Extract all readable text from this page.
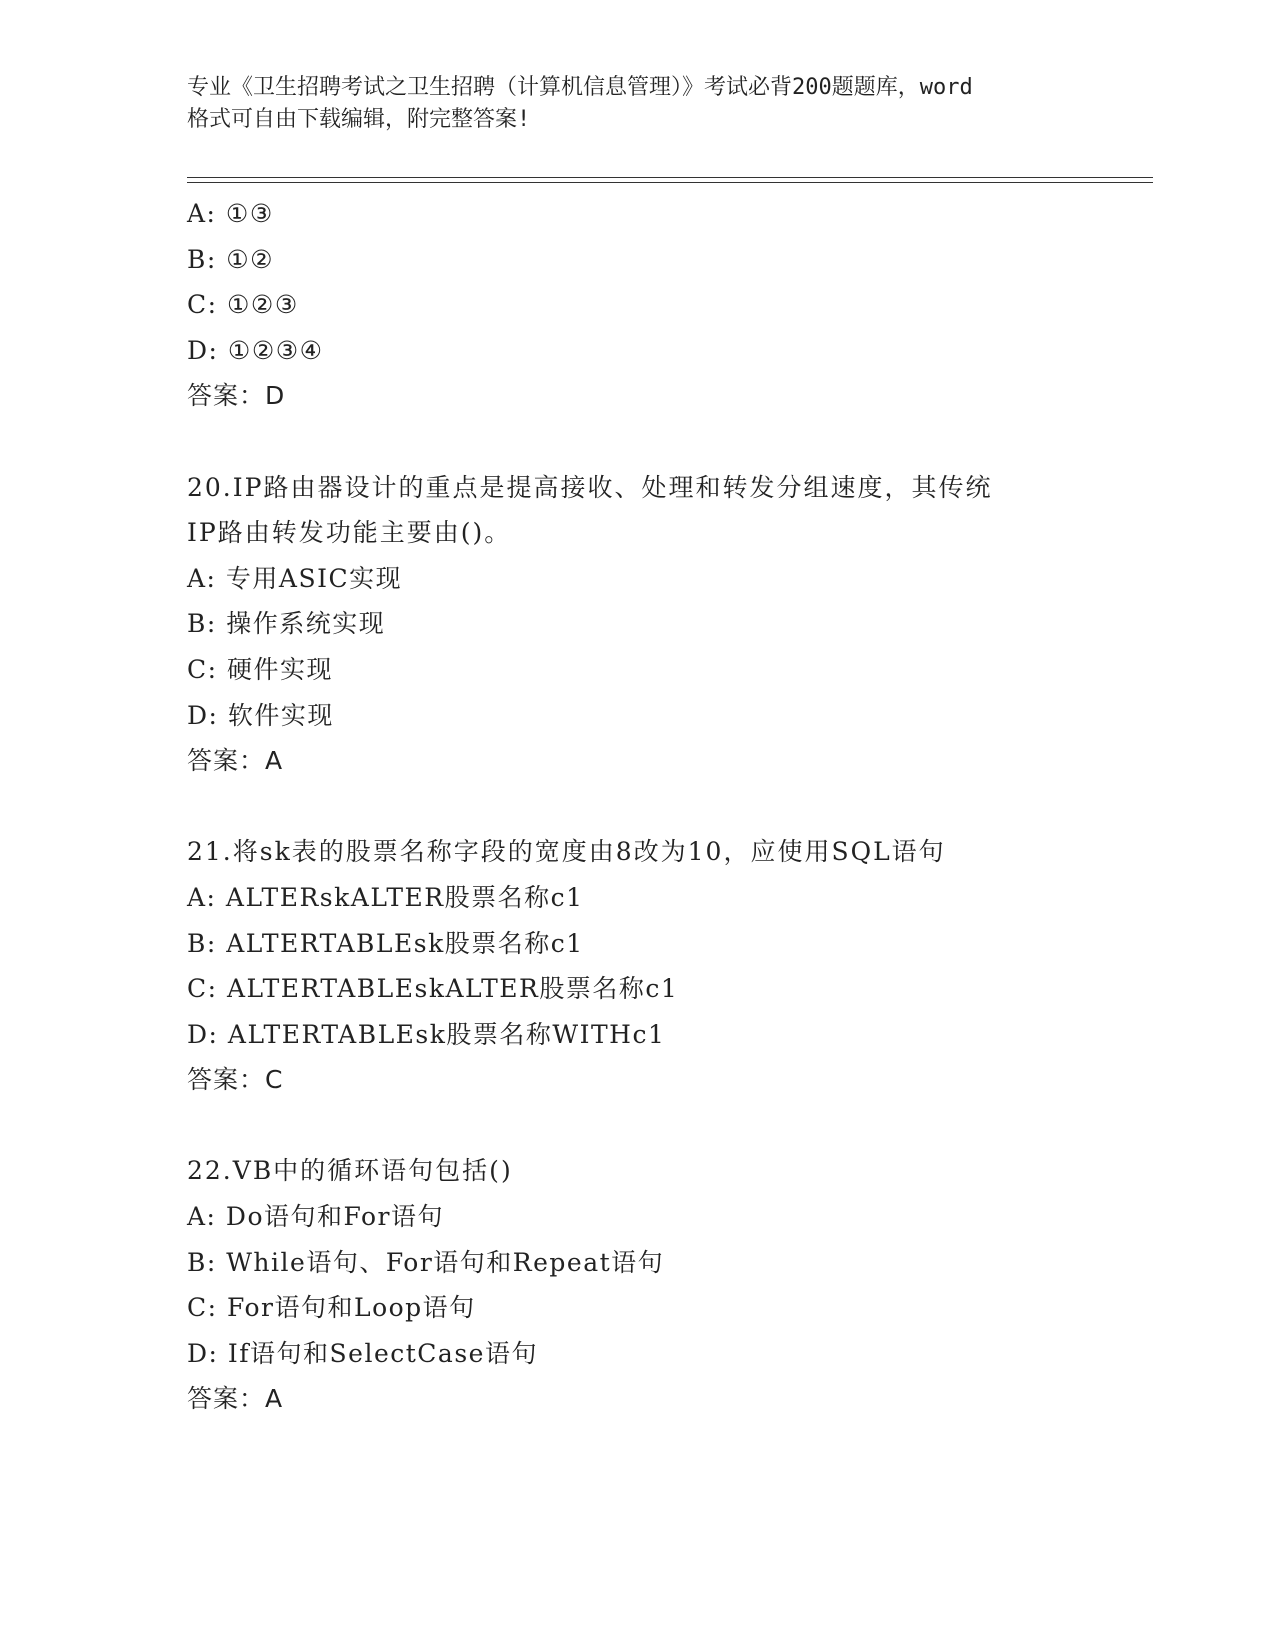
专业《卫生招聘考试之卫生招聘（计算机信息管理）》考试必背200题题库，word
格式可自由下载编辑，附完整答案!
A: ①③
B: ①②
C: ①②③
D: ①②③④
答案：D
20.IP路由器设计的重点是提高接收、处理和转发分组速度，其传统
IP路由转发功能主要由()。
A: 专用ASIC实现
B: 操作系统实现
C: 硬件实现
D: 软件实现
答案：A
21.将sk表的股票名称字段的宽度由8改为10，应使用SQL语句
A: ALTERskALTER股票名称c1
B: ALTERTABLEsk股票名称c1
C: ALTERTABLEskALTER股票名称c1
D: ALTERTABLEsk股票名称WITHc1
答案：C
22.VB中的循环语句包括()
A: Do语句和For语句
B: While语句、For语句和Repeat语句
C: For语句和Loop语句
D: If语句和SelectCase语句
答案：A
